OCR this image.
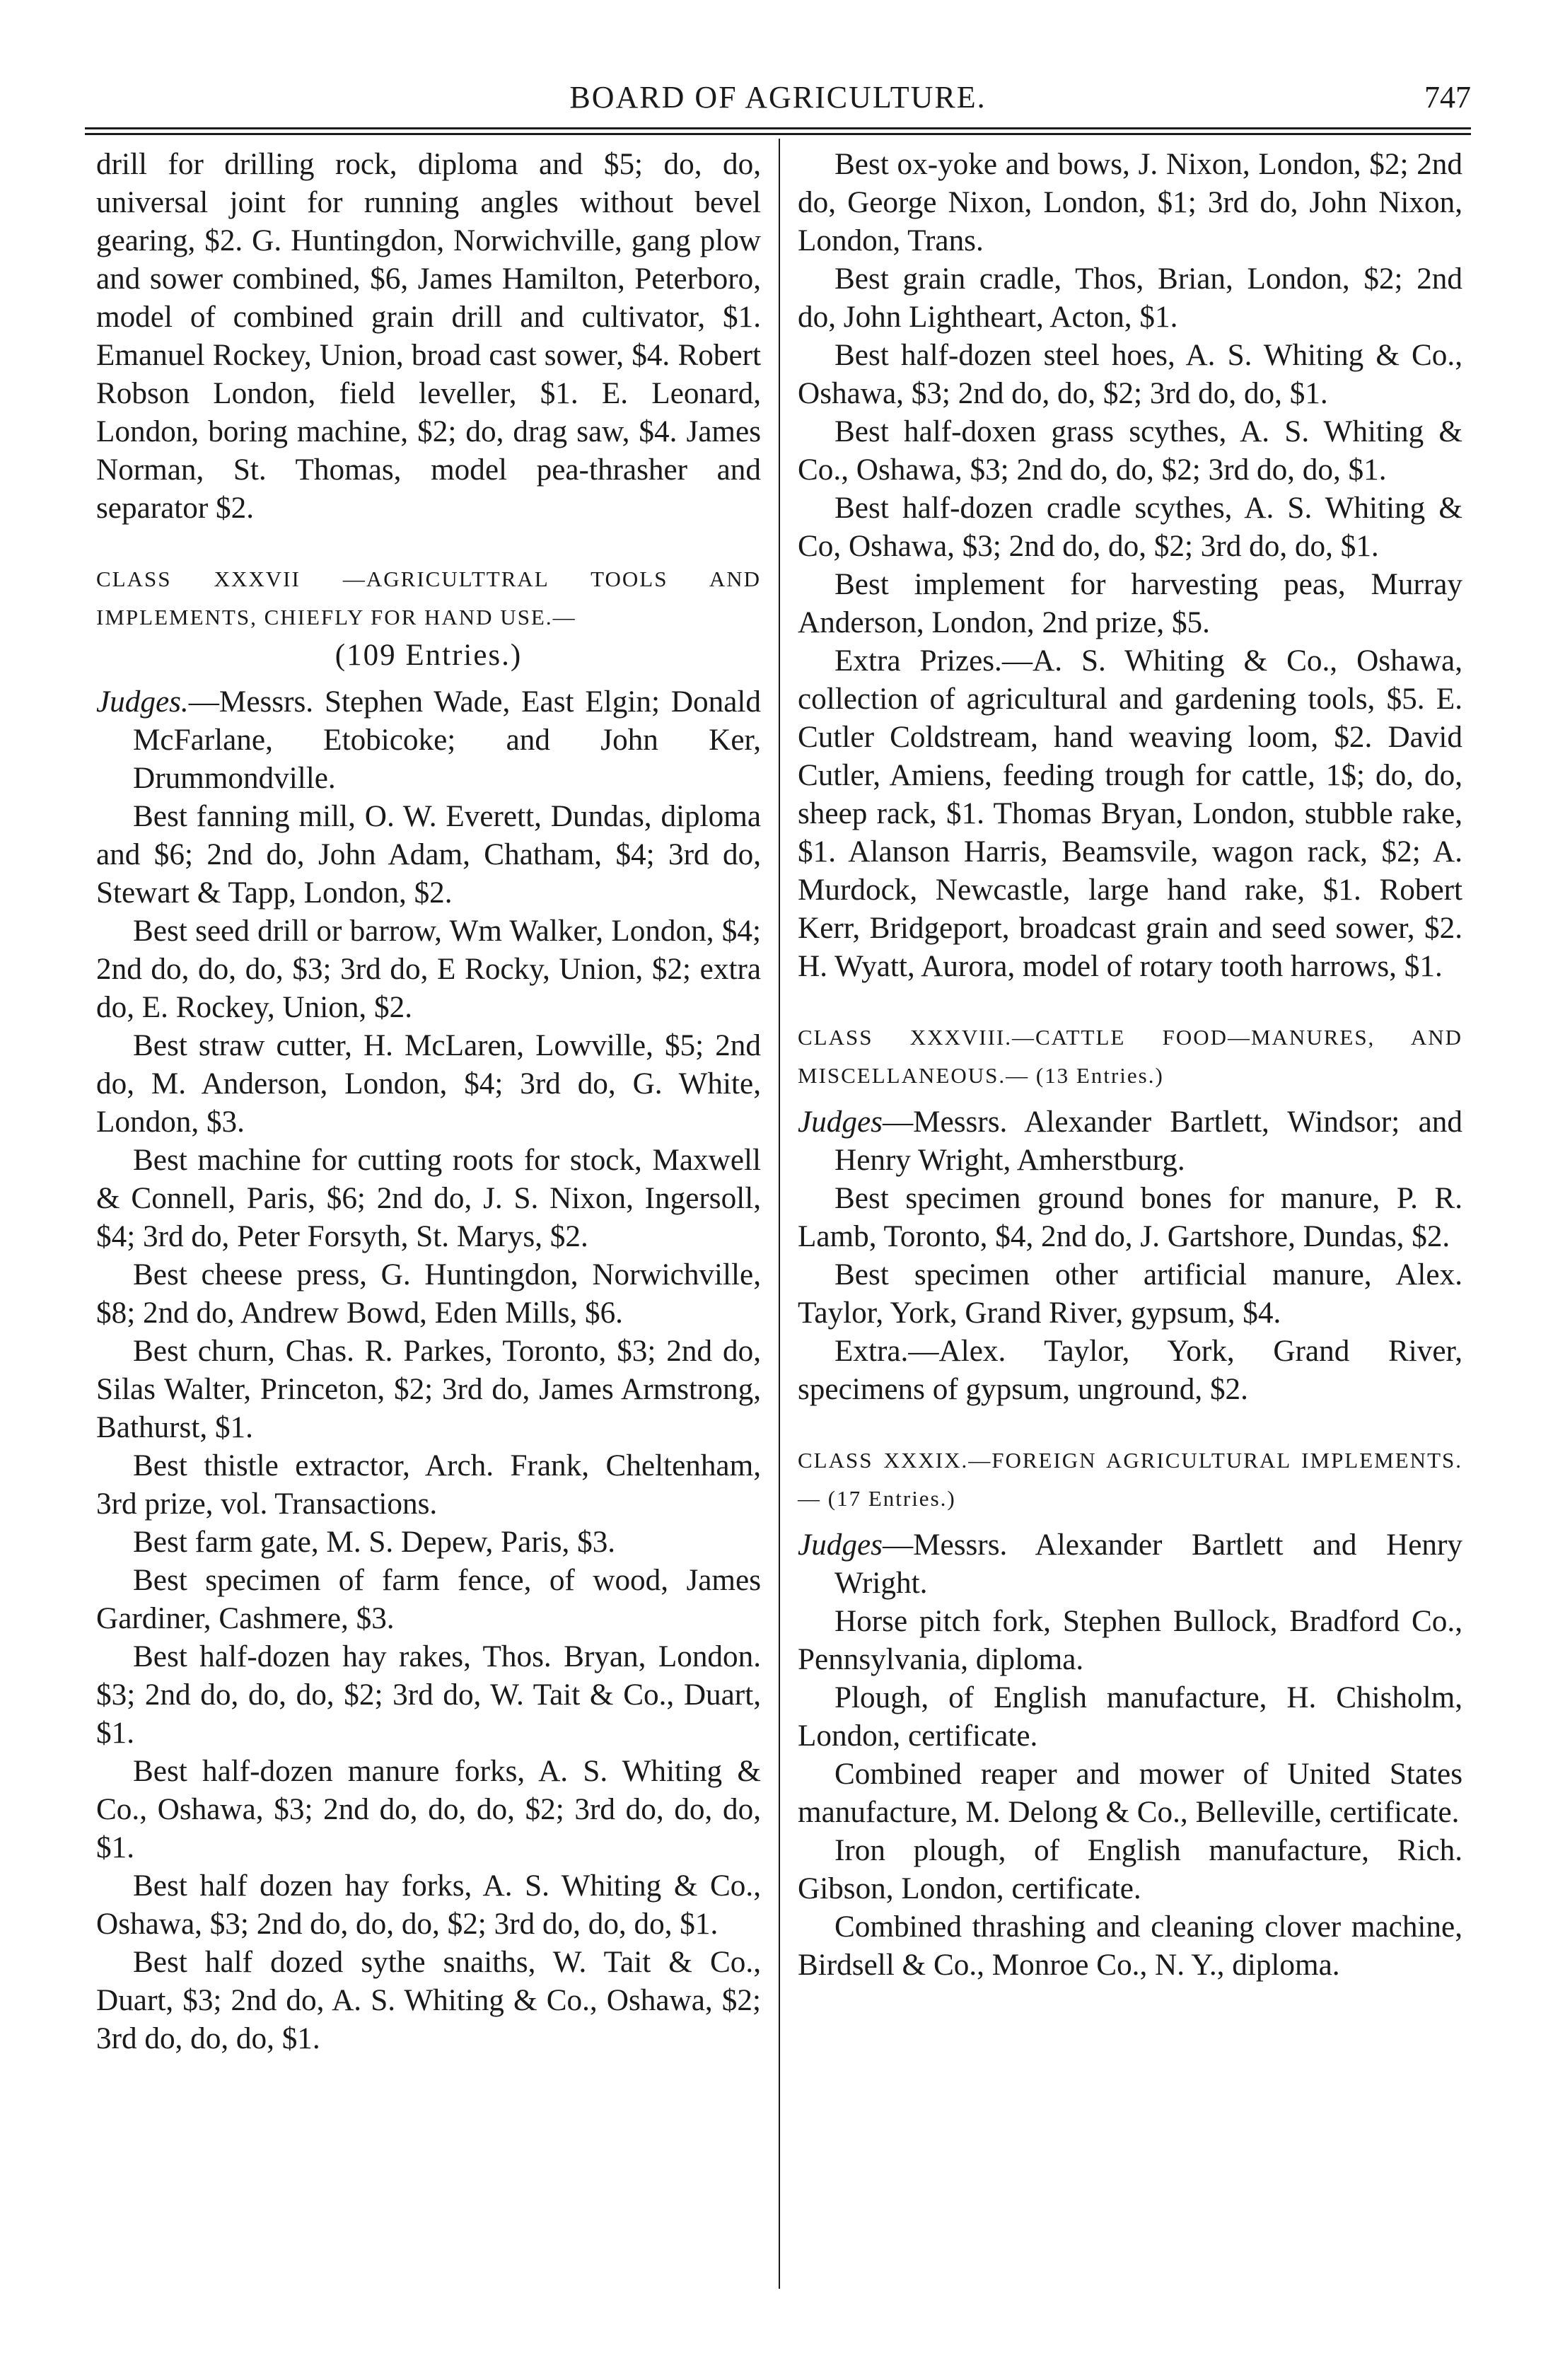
BOARD OF AGRICULTURE.	747

drill for drilling rock, diploma and $5; do, do, universal joint for running angles without bevel gearing, $2. G. Huntingdon, Norwichville, gang plow and sower combined, $6, James Hamilton, Peterboro, model of combined grain drill and cultivator, $1. Emanuel Rockey, Union, broad cast sower, $4. Robert Robson London, field leveller, $1. E. Leonard, London, boring machine, $2; do, drag saw, $4. James Norman, St. Thomas, model pea-thrasher and separator $2.

CLASS XXXVII —AGRICULTTRAL TOOLS AND IMPLEMENTS, CHIEFLY FOR HAND USE.—
(109 Entries.)

Judges.—Messrs. Stephen Wade, East Elgin; Donald McFarlane, Etobicoke; and John Ker, Drummondville.

Best fanning mill, O. W. Everett, Dundas, diploma and $6; 2nd do, John Adam, Chatham, $4; 3rd do, Stewart & Tapp, London, $2.

Best seed drill or barrow, Wm Walker, London, $4; 2nd do, do, do, $3; 3rd do, E Rocky, Union, $2; extra do, E. Rockey, Union, $2.

Best straw cutter, H. McLaren, Lowville, $5; 2nd do, M. Anderson, London, $4; 3rd do, G. White, London, $3.

Best machine for cutting roots for stock, Maxwell & Connell, Paris, $6; 2nd do, J. S. Nixon, Ingersoll, $4; 3rd do, Peter Forsyth, St. Marys, $2.

Best cheese press, G. Huntingdon, Norwichville, $8; 2nd do, Andrew Bowd, Eden Mills, $6.

Best churn, Chas. R. Parkes, Toronto, $3; 2nd do, Silas Walter, Princeton, $2; 3rd do, James Armstrong, Bathurst, $1.

Best thistle extractor, Arch. Frank, Cheltenham, 3rd prize, vol. Transactions.

Best farm gate, M. S. Depew, Paris, $3.

Best specimen of farm fence, of wood, James Gardiner, Cashmere, $3.

Best half-dozen hay rakes, Thos. Bryan, London. $3; 2nd do, do, do, $2; 3rd do, W. Tait & Co., Duart, $1.

Best half-dozen manure forks, A. S. Whiting & Co., Oshawa, $3; 2nd do, do, do, $2; 3rd do, do, do, $1.

Best half dozen hay forks, A. S. Whiting & Co., Oshawa, $3; 2nd do, do, do, $2; 3rd do, do, do, $1.

Best half dozed sythe snaiths, W. Tait & Co., Duart, $3; 2nd do, A. S. Whiting & Co., Oshawa, $2; 3rd do, do, do, $1.

Best ox-yoke and bows, J. Nixon, London, $2; 2nd do, George Nixon, London, $1; 3rd do, John Nixon, London, Trans.

Best grain cradle, Thos, Brian, London, $2; 2nd do, John Lightheart, Acton, $1.

Best half-dozen steel hoes, A. S. Whiting & Co., Oshawa, $3; 2nd do, do, $2; 3rd do, do, $1.

Best half-doxen grass scythes, A. S. Whiting & Co., Oshawa, $3; 2nd do, do, $2; 3rd do, do, $1.

Best half-dozen cradle scythes, A. S. Whiting & Co, Oshawa, $3; 2nd do, do, $2; 3rd do, do, $1.

Best implement for harvesting peas, Murray Anderson, London, 2nd prize, $5.

Extra Prizes.—A. S. Whiting & Co., Oshawa, collection of agricultural and gardening tools, $5. E. Cutler Coldstream, hand weaving loom, $2. David Cutler, Amiens, feeding trough for cattle, 1$; do, do, sheep rack, $1. Thomas Bryan, London, stubble rake, $1. Alanson Harris, Beamsvile, wagon rack, $2; A. Murdock, Newcastle, large hand rake, $1. Robert Kerr, Bridgeport, broadcast grain and seed sower, $2. H. Wyatt, Aurora, model of rotary tooth harrows, $1.

CLASS XXXVIII.—CATTLE FOOD—MANURES, AND MISCELLANEOUS.— (13 Entries.)

Judges—Messrs. Alexander Bartlett, Windsor; and Henry Wright, Amherstburg.

Best specimen ground bones for manure, P. R. Lamb, Toronto, $4, 2nd do, J. Gartshore, Dundas, $2.

Best specimen other artificial manure, Alex. Taylor, York, Grand River, gypsum, $4.

Extra.—Alex. Taylor, York, Grand River, specimens of gypsum, unground, $2.

CLASS XXXIX.—FOREIGN AGRICULTURAL IMPLEMENTS.— (17 Entries.)

Judges—Messrs. Alexander Bartlett and Henry Wright.

Horse pitch fork, Stephen Bullock, Bradford Co., Pennsylvania, diploma.

Plough, of English manufacture, H. Chisholm, London, certificate.

Combined reaper and mower of United States manufacture, M. Delong & Co., Belleville, certificate.

Iron plough, of English manufacture, Rich. Gibson, London, certificate.

Combined thrashing and cleaning clover machine, Birdsell & Co., Monroe Co., N. Y., diploma.
